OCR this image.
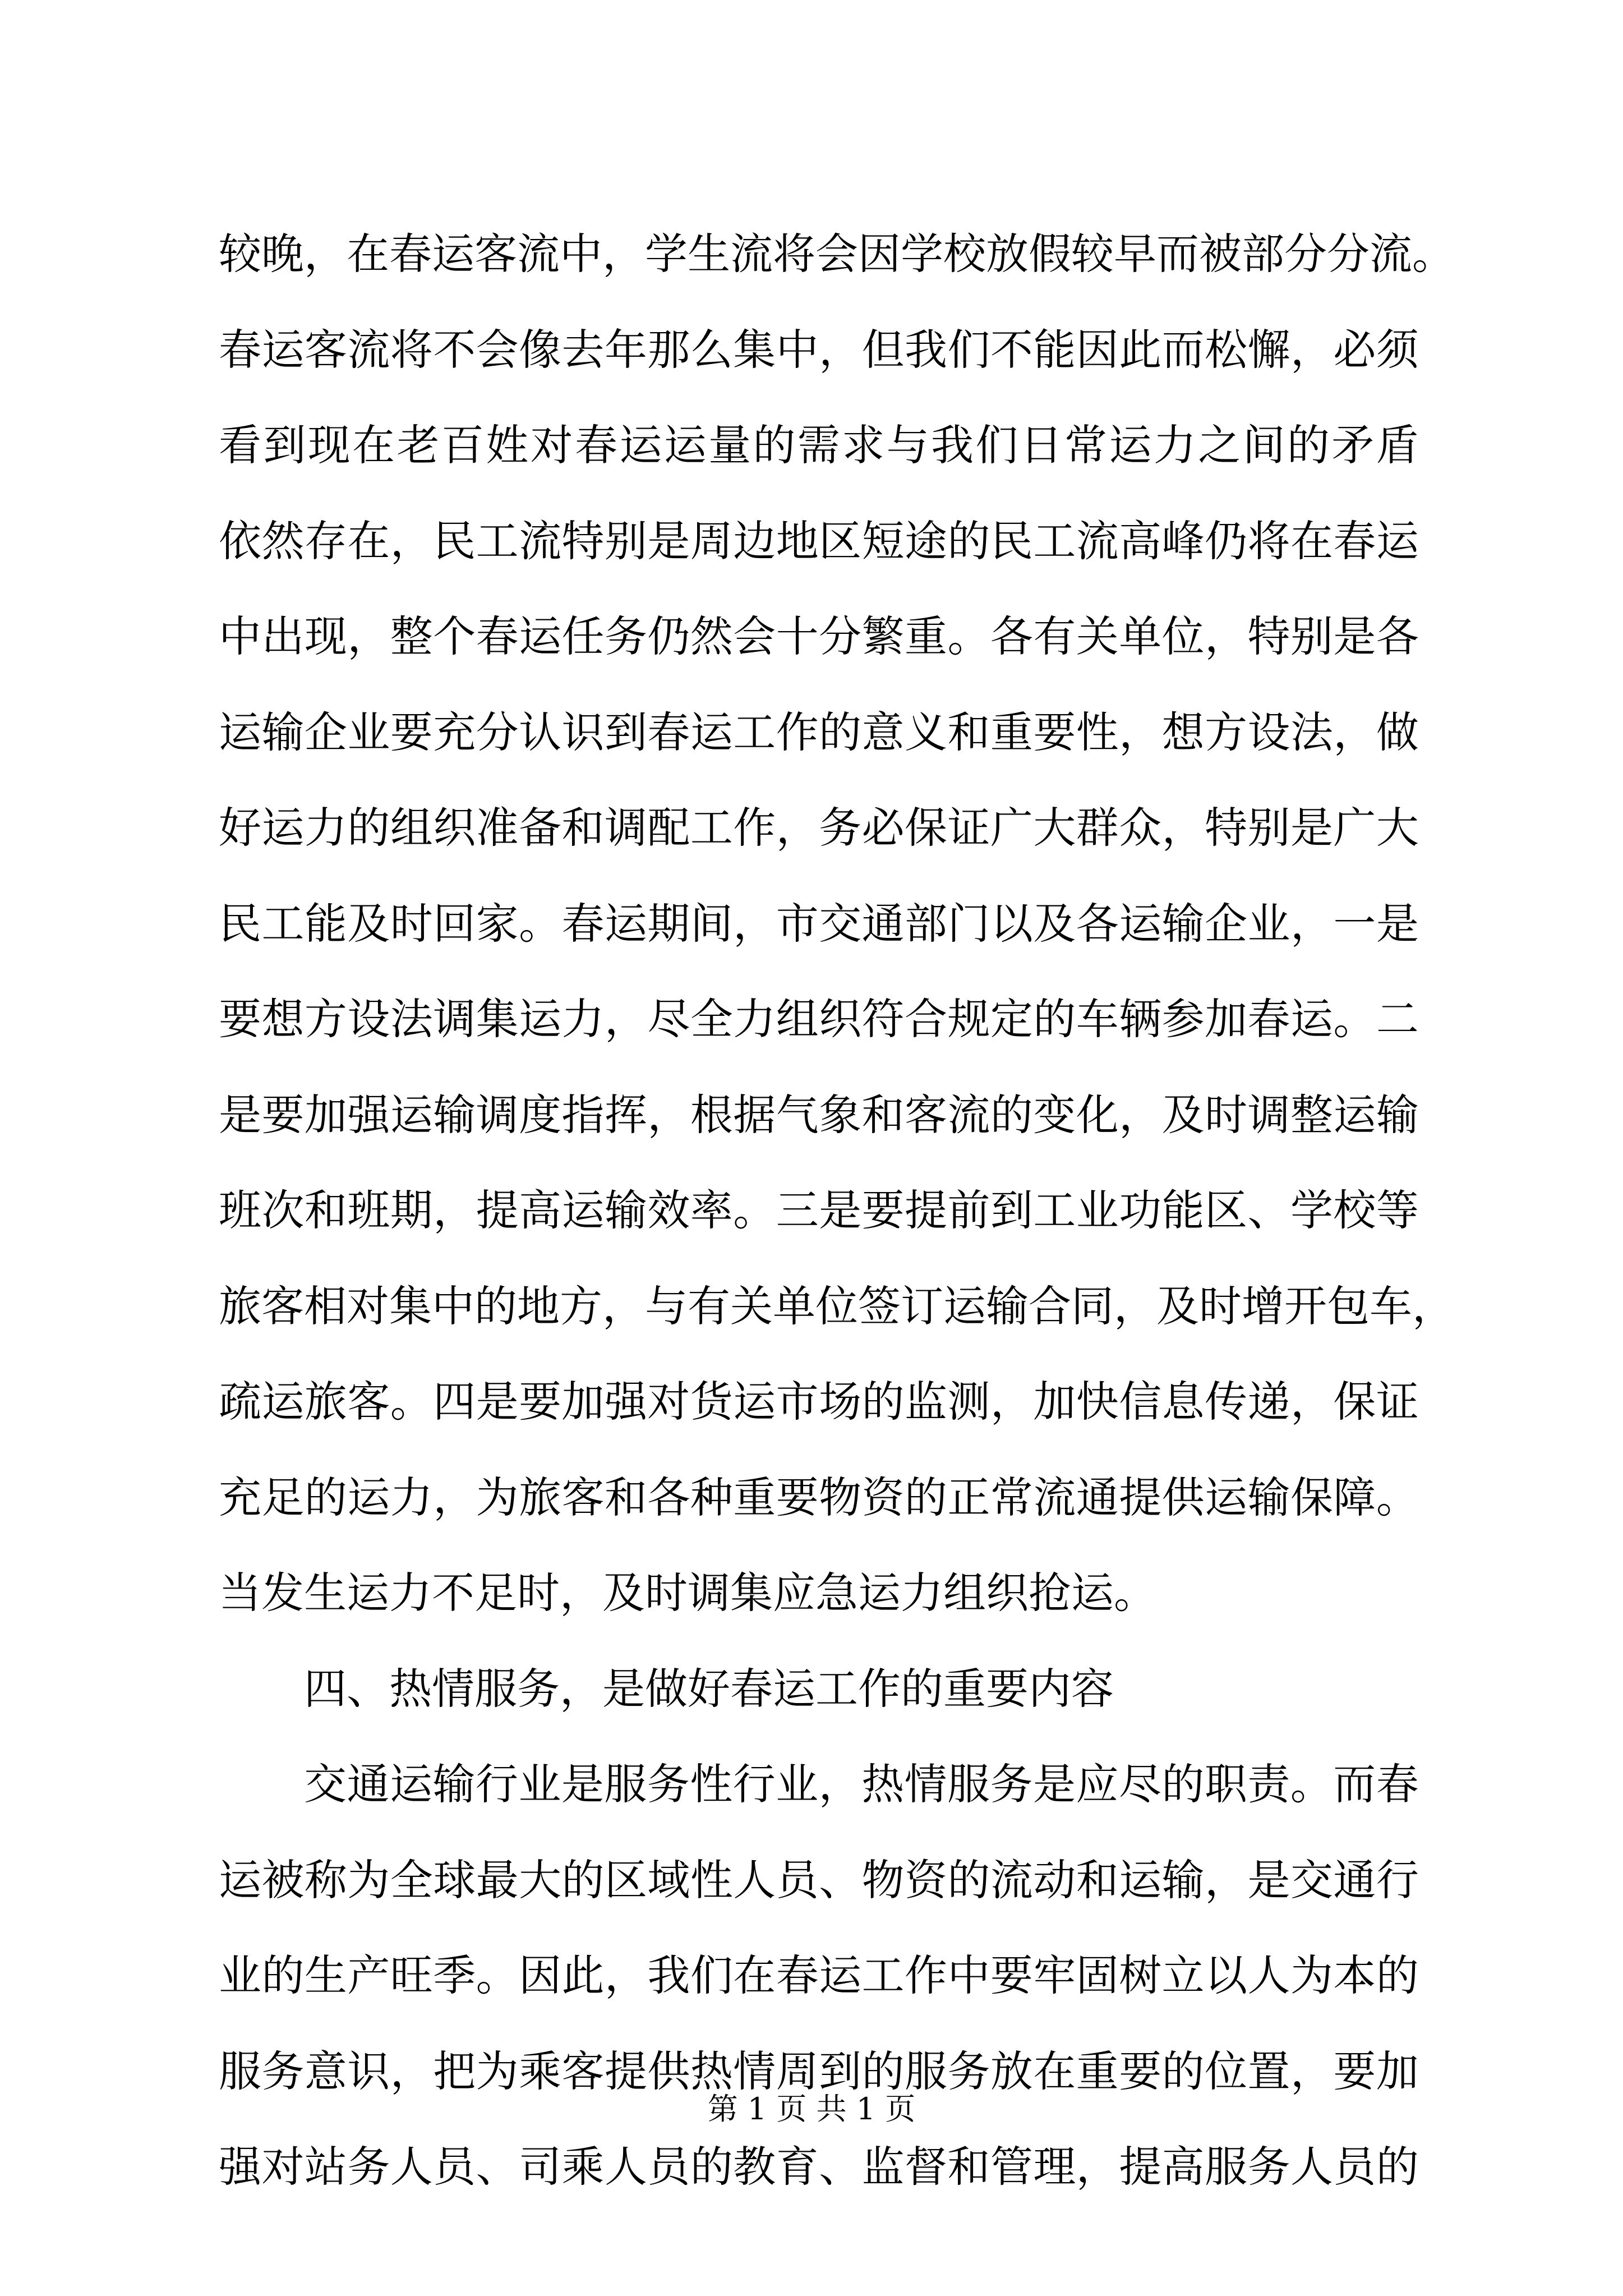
较 晚 ， 在 春 运 客 流 中 ， 学 生 流 将 会 因 学 校 放 假 较 早 而 被 部 分 分 流 。
春 运 客 流 将 不 会 像 去 年 那 么 集 中 ， 但 我 们 不 能 因 此 而 松 懈 ， 必 须
看 到 现 在 老 百 姓 对 春 运 运 量 的 需 求 与 我 们 日 常 运 力 之 间 的 矛 盾
依 然 存 在 ， 民 工 流 特 别 是 周 边 地 区 短 途 的 民 工 流 高 峰 仍 将 在 春 运
中 出 现 ， 整 个 春 运 任 务 仍 然 会 十 分 繁 重 。 各 有 关 单 位 ， 特 别 是 各
运 输 企 业 要 充 分 认 识 到 春 运 工 作 的 意 义 和 重 要 性 ， 想 方 设 法 ， 做
好 运 力 的 组 织 准 备 和 调 配 工 作 ， 务 必 保 证 广 大 群 众 ， 特 别 是 广 大
民 工 能 及 时 回 家 。 春 运 期 间 ， 市 交 通 部 门 以 及 各 运 输 企 业 ， 一 是
要 想 方 设 法 调 集 运 力 ， 尽 全 力 组 织 符 合 规 定 的 车 辆 参 加 春 运 。 二
是 要 加 强 运 输 调 度 指 挥 ， 根 据 气 象 和 客 流 的 变 化 ， 及 时 调 整 运 输
班 次 和 班 期 ， 提 高 运 输 效 率 。 三 是 要 提 前 到 工 业 功 能 区 、 学 校 等
旅 客 相 对 集 中 的 地 方 ， 与 有 关 单 位 签 订 运 输 合 同 ， 及 时 增 开 包 车 ，
疏 运 旅 客 。 四 是 要 加 强 对 货 运 市 场 的 监 测 ， 加 快 信 息 传 递 ， 保 证
充 足 的 运 力 ， 为 旅 客 和 各 种 重 要 物 资 的 正 常 流 通 提 供 运 输 保 障 。
当发生运力不足时，及时调集应急运力组织抢运。
四、热情服务，是做好春运工作的重要内容
交 通 运 输 行 业 是 服 务 性 行 业 ， 热 情 服 务 是 应 尽 的 职 责 。 而 春
运 被 称 为 全 球 最 大 的 区 域 性 人 员 、 物 资 的 流 动 和 运 输 ， 是 交 通 行
业 的 生 产 旺 季 。 因 此 ， 我 们 在 春 运 工 作 中 要 牢 固 树 立 以 人 为 本 的
服 务 意 识 ， 把 为 乘 客 提 供 热 情 周 到 的 服 务 放 在 重 要 的 位 置 ， 要 加
强 对 站 务 人 员 、 司 乘 人 员 的 教 育 、 监 督 和 管 理 ， 提 高 服 务 人 员 的
第 1 页 共 1 页
